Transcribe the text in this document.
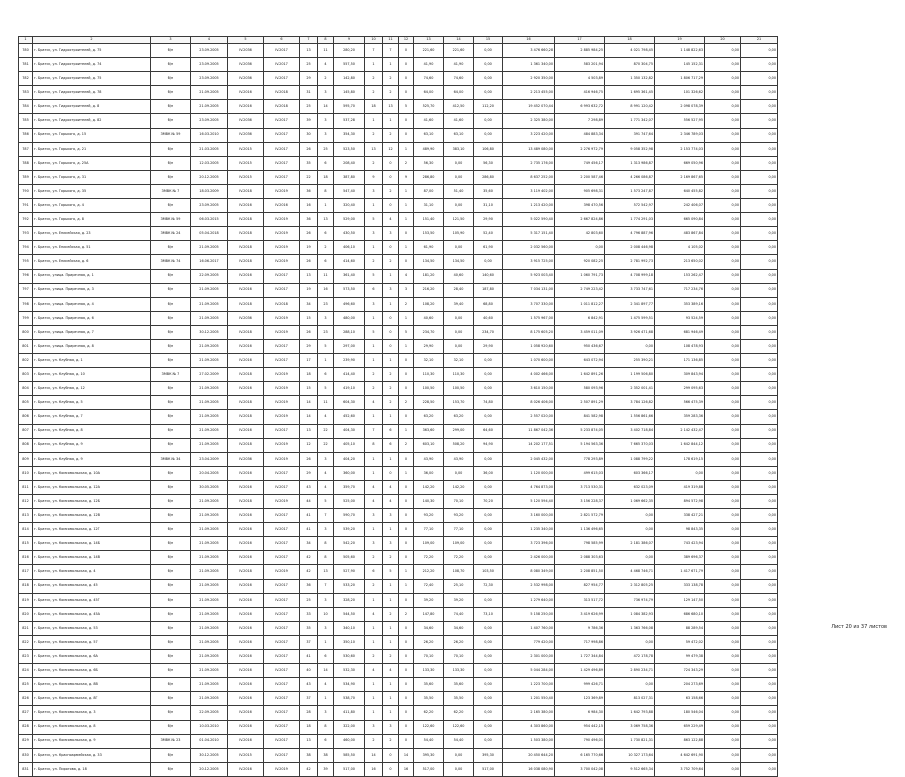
1	2	3	4	5	6	7	8	9	10	11	12	13	14	15	16	17	18	19	20	21
780	г. Братск, ул. Гидростроителей, д. 75	б/н	23.09.2005	IV.2036	IV.2017	13	11	280,20	7	7	0	221,60	221,60	0,00	3 476 660,28	2 885 984,25	4 021 798,45	1 148 822,63	0,00	0,00
781	г. Братск, ул. Гидростроителей, д. 74	б/н	23.09.2005	IV.2036	IV.2017	25	4	557,50	1	1	0	41,90	41,90	0,00	1 361 340,00	583 201,94	870 304,75	145 152,31	0,00	0,00
782	г. Братск, ул. Гидростроителей, д. 75	б/н	23.09.2005	IV.2036	IV.2017	29	2	142,80	2	2	0	74,60	74,60	0,00	2 920 350,00	4 503,89	1 350 132,82	1 806 717,29	0,00	0,00
783	г. Братск, ул. Гидростроителей, д. 78	б/н	21.09.2005	IV.2016	IV.2018	31	3	145,80	2	2	0	64,00	64,00	0,00	2 213 455,00	416 946,75	1 695 361,45	101 326,62	0,00	0,00
784	г. Братск, ул. Гидростроителей, д. 8	б/н	21.09.2005	IV.2016	IV.2018	25	14	595,70	18	13	5	525,70	412,50	112,20	19 452 070,44	6 993 632,72	8 991 120,42	2 098 078,39	0,00	0,00
785	г. Братск, ул. Гидростроителей, д. 82	б/н	23.09.2005	IV.2036	IV.2017	39	3	537,28	1	1	0	41,60	41,60	0,00	2 325 380,00	7 298,89	1 771 342,07	556 527,95	0,00	0,00
786	г. Братск, ул. Горького, д. 15	ЗМВК № 59	16.03.2010	IV.2036	IV.2017	30	3	354,30	2	2	0	63,10	63,10	0,00	3 223 420,00	484 883,34	391 747,64	2 346 789,03	0,00	0,00
787	г. Братск, ул. Горького, д. 21	б/н	21.03.2005	IV.2015	IV.2017	26	25	523,50	13	12	1	489,90	383,10	106,80	13 489 080,00	2 276 972,79	9 058 352,98	2 153 774,03	0,00	0,00
788	г. Братск, ул. Горького, д. 25А	б/н	12.03.2005	IV.2015	IV.2017	35	6	208,40	2	0	2	56,30	0,00	56,30	2 735 176,00	749 456,17	1 313 986,87	669 050,96	0,00	0,00
789	г. Братск, ул. Горького, д. 31	б/н	20.12.2005	IV.2015	IV.2017	22	18	387,80	9	0	9	286,80	0,00	286,80	8 637 252,00	2 200 587,46	4 266 086,87	2 169 867,65	0,00	0,00
790	г. Братск, ул. Горького, д. 35	ЗМВК № 7	18.03.2009	IV.2018	IV.2019	36	8	547,40	3	2	1	87,00	51,40	35,60	3 119 402,00	905 698,31	1 573 247,87	640 455,82	0,00	0,00
791	г. Братск, ул. Горького, д. 4	б/н	23.09.2005	IV.2016	IV.2016	16	1	320,40	1	0	1	31,10	0,00	31,10	1 213 420,00	398 470,56	572 542,97	242 406,07	0,00	0,00
792	г. Братск, ул. Горького, д. 8	ЗМВК № 59	06.03.2015	IV.2018	IV.2019	36	13	529,00	5	4	1	151,40	121,50	29,90	5 022 590,40	2 667 824,86	1 774 291,03	665 090,84	0,00	0,00
793	г. Братск, ул. Енисейская, д. 23	ЗМВК № 24	05.04.2018	IV.2018	IV.2019	26	6	430,50	3	3	0	153,50	105,90	52,40	5 317 151,40	42 803,60	4 796 887,96	483 867,84	0,00	0,00
794	г. Братск, ул. Енисейская, д. 51	б/н	21.09.2005	IV.2018	IV.2019	19	2	406,10	1	0	1	61,90	0,00	61,90	2 032 560,00	0,00	2 008 446,98	4 105,02	0,00	0,00
795	г. Братск, ул. Енисейская, д. 6	ЗМВК № 74	16.06.2017	IV.2018	IV.2019	26	6	414,60	2	2	0	134,50	134,50	0,00	3 915 725,00	920 082,25	2 781 992,73	213 650,02	0,00	0,00
796	г. Братск, улица. Приречная, д. 1	б/н	22.09.2005	IV.2016	IV.2017	13	11	361,40	5	1	4	181,20	40,60	140,60	5 923 003,40	1 060 791,73	4 708 999,18	153 262,47	0,00	0,00
797	г. Братск, улица. Приречная, д. 3	б/н	21.09.2005	IV.2016	IV.2017	19	16	573,50	6	3	3	216,20	28,40	187,80	7 034 131,00	2 749 223,42	3 733 747,61	717 234,76	0,00	0,00
798	г. Братск, улица. Приречная, д. 4	б/н	21.09.2005	IV.2018	IV.2018	34	23	496,60	3	1	2	108,20	39,40	68,80	3 707 330,00	1 011 812,27	2 341 897,77	353 389,16	0,00	0,00
799	г. Братск, улица. Приречная, д. 6	б/н	21.09.2005	IV.2036	IV.2019	15	3	480,00	1	0	1	40,60	0,00	40,60	1 575 967,00	6 842,91	1 475 599,51	93 524,59	0,00	0,00
800	г. Братск, улица. Приречная, д. 7	б/н	30.12.2005	IV.2018	IV.2019	26	23	288,10	5	0	5	234,70	0,00	234,70	8 175 605,20	3 459 011,09	3 926 471,68	681 946,49	0,00	0,00
801	г. Братск, улица. Приречная, д. 8	б/н	21.09.2005	IV.2016	IV.2017	29	5	297,00	1	0	1	29,90	0,00	29,90	1 058 920,60	950 436,67	0,00	108 478,93	0,00	0,00
802	г. Братск, ул. Клубная, д. 1	б/н	21.09.2005	IV.2016	IV.2017	17	1	239,90	1	1	0	32,10	32,10	0,00	1 070 600,00	643 072,94	255 390,21	171 136,85	0,00	0,00
803	г. Братск, ул. Клубная, д. 10	ЗМВК № 7	27.02.2009	IV.2018	IV.2019	18	6	414,40	2	2	0	110,30	110,30	0,00	4 002 466,00	1 642 891,26	1 199 506,80	309 843,94	0,00	0,00
804	г. Братск, ул. Клубная, д. 12	б/н	21.09.2005	IV.2016	IV.2019	15	5	419,10	2	2	0	100,50	100,50	0,00	3 610 150,00	580 093,96	2 352 001,41	299 095,63	0,00	0,00
805	г. Братск, ул. Клубная, д. 5	б/н	21.09.2005	IV.2018	IV.2019	14	11	604,30	4	2	2	228,50	153,70	74,80	8 026 406,00	2 507 891,29	3 784 126,82	566 475,39	0,00	0,00
806	г. Братск, ул. Клубная, д. 7	б/н	21.09.2005	IV.2018	IV.2019	14	4	452,60	1	1	0	63,20	63,20	0,00	2 557 020,00	841 582,98	1 556 861,66	359 283,36	0,00	0,00
807	г. Братск, ул. Клубная, д. 8	б/н	21.09.2005	IV.2016	IV.2017	13	22	404,30	7	6	1	363,60	299,00	64,60	11 867 042,36	5 233 874,05	3 402 718,84	2 142 432,47	0,00	0,00
808	г. Братск, ул. Клубная, д. 9	б/н	21.09.2005	IV.2018	IV.2019	12	22	405,10	8	6	2	603,10	508,20	94,90	14 202 177,51	5 194 563,36	7 665 370,03	1 642 844,12	0,00	0,00
809	г. Братск, ул. Клубная, д. 9	ЗМВК № 34	23.04.2009	IV.2036	IV.2019	26	3	404,20	1	1	0	43,90	43,90	0,00	2 045 432,00	778 293,89	1 088 799,22	178 619,15	0,00	0,00
810	г. Братск, ул. Комсомольская, д. 10А	б/н	20.04.2005	IV.2016	IV.2017	29	4	360,00	1	0	1	36,00	0,00	36,00	1 120 000,00	499 615,03	603 366,17	0,00	0,00	0,00
811	г. Братск, ул. Комсомольская, д. 12А	б/н	30.05.2005	IV.2016	IV.2017	43	4	359,70	4	4	0	142,20	142,20	0,00	4 764 873,00	3 713 530,31	632 023,09	419 319,88	0,00	0,00
812	г. Братск, ул. Комсомольская, д. 12Б	б/н	21.09.2005	IV.2018	IV.2019	44	5	525,00	4	4	0	140,30	70,10	70,20	5 120 594,40	3 156 228,37	1 069 662,35	894 572,98	0,00	0,00
813	г. Братск, ул. Комсомольская, д. 12В	б/н	21.09.2005	IV.2016	IV.2017	41	7	590,70	3	3	0	93,20	93,20	0,00	3 160 000,00	2 821 572,79	0,00	338 427,21	0,00	0,00
814	г. Братск, ул. Комсомольская, д. 12Г	б/н	21.09.2005	IV.2016	IV.2017	41	3	539,20	1	1	0	77,10	77,10	0,00	1 235 340,00	1 136 496,65	0,00	98 843,35	0,00	0,00
815	г. Братск, ул. Комсомольская, д. 14Б	б/н	21.09.2005	IV.2016	IV.2017	34	8	542,20	3	3	0	109,00	109,00	0,00	3 723 396,00	798 585,99	2 181 386,07	743 423,94	0,00	0,00
816	г. Братск, ул. Комсомольская, д. 14В	б/н	21.09.2005	IV.2016	IV.2017	42	8	505,60	2	2	0	72,20	72,20	0,00	2 426 000,00	2 088 303,63	0,00	389 696,37	0,00	0,00
817	г. Братск, ул. Комсомольская, д. 4	б/н	21.09.2005	IV.2018	IV.2019	42	13	527,90	6	5	1	212,20	108,70	103,50	8 080 349,00	2 208 851,50	4 468 746,71	1 417 671,79	0,00	0,00
818	г. Братск, ул. Комсомольская, д. 45	б/н	21.09.2005	IV.2016	IV.2017	36	7	533,20	2	1	1	72,40	25,10	72,30	2 532 998,00	827 954,77	2 312 805,25	333 138,78	0,00	0,00
819	г. Братск, ул. Комсомольская, д. 45Г	б/н	21.09.2005	IV.2016	IV.2017	25	3	328,20	1	1	0	39,20	39,20	0,00	1 279 640,00	313 517,72	736 974,79	129 147,50	0,00	0,00
820	г. Братск, ул. Комсомольская, д. 45А	б/н	21.09.2005	IV.2016	IV.2017	33	10	544,50	4	2	2	147,80	74,40	73,10	5 158 250,00	3 419 626,99	1 084 382,93	686 680,10	0,00	0,00
821	г. Братск, ул. Комсомольская, д. 53	б/н	21.09.2005	IV.2016	IV.2017	35	3	340,10	1	1	0	34,60	34,60	0,00	1 407 760,00	9 786,36	1 363 766,08	88 289,54	0,00	0,00
822	г. Братск, ул. Комсомольская, д. 57	б/н	21.09.2005	IV.2016	IV.2017	37	1	350,10	1	1	0	26,20	26,20	0,00	779 420,00	717 998,86	0,00	59 472,02	0,00	0,00
823	г. Братск, ул. Комсомольская, д. 6А	б/н	21.09.2005	IV.2016	IV.2017	41	6	530,60	2	2	0	70,10	70,10	0,00	2 301 000,00	1 727 344,84	472 178,78	99 479,38	0,00	0,00
824	г. Братск, ул. Комсомольская, д. 6Б	б/н	21.09.2005	IV.2016	IV.2017	40	14	532,30	4	4	0	133,30	133,30	0,00	5 044 284,00	1 429 496,89	2 890 234,71	724 343,29	0,00	0,00
825	г. Братск, ул. Комсомольская, д. 8В	б/н	21.09.2005	IV.2016	IV.2017	43	4	534,90	1	1	0	35,60	35,60	0,00	1 223 700,00	999 426,71	0,00	204 273,69	0,00	0,00
826	г. Братск, ул. Комсомольская, д. 8Г	б/н	21.09.2005	IV.2016	IV.2017	37	1	538,70	1	1	0	35,50	35,50	0,00	1 201 550,40	123 369,89	813 027,31	63 158,66	0,00	0,00
827	г. Братск, ул. Комсомольская, д. 3	б/н	22.09.2005	IV.2016	IV.2017	28	3	411,80	1	1	0	62,20	62,20	0,00	2 165 380,00	6 984,30	1 642 793,88	180 546,04	0,00	0,00
828	г. Братск, ул. Комсомольская, д. 8	б/н	10.03.2010	IV.2016	IV.2017	18	8	322,00	3	3	0	122,60	122,60	0,00	4 303 860,00	954 442,15	3 069 758,36	659 229,49	0,00	0,00
829	г. Братск, ул. Комсомольская, д. 9	ЗМВК № 23	01.04.2010	IV.2016	IV.2017	13	6	460,00	2	2	0	54,40	54,40	0,00	1 503 380,00	790 496,01	1 730 821,31	863 122,88	0,00	0,00
830	г. Братск, ул. Красноармейская, д. 33	б/н	30.12.2005	IV.2015	IV.2017	38	38	585,50	14	0	14	395,30	0,00	395,30	20 450 644,20	6 165 770,66	10 327 173,64	4 642 691,90	0,00	0,00
831	г. Братск, ул. Пирогова, д. 18	б/н	20.12.2005	IV.2016	IV.2019	42	39	517,00	16	0	16	517,00	0,00	517,00	16 038 080,90	3 700 042,08	9 512 665,34	3 752 709,64	0,00	0,00
Лист 20 из 37 листов
